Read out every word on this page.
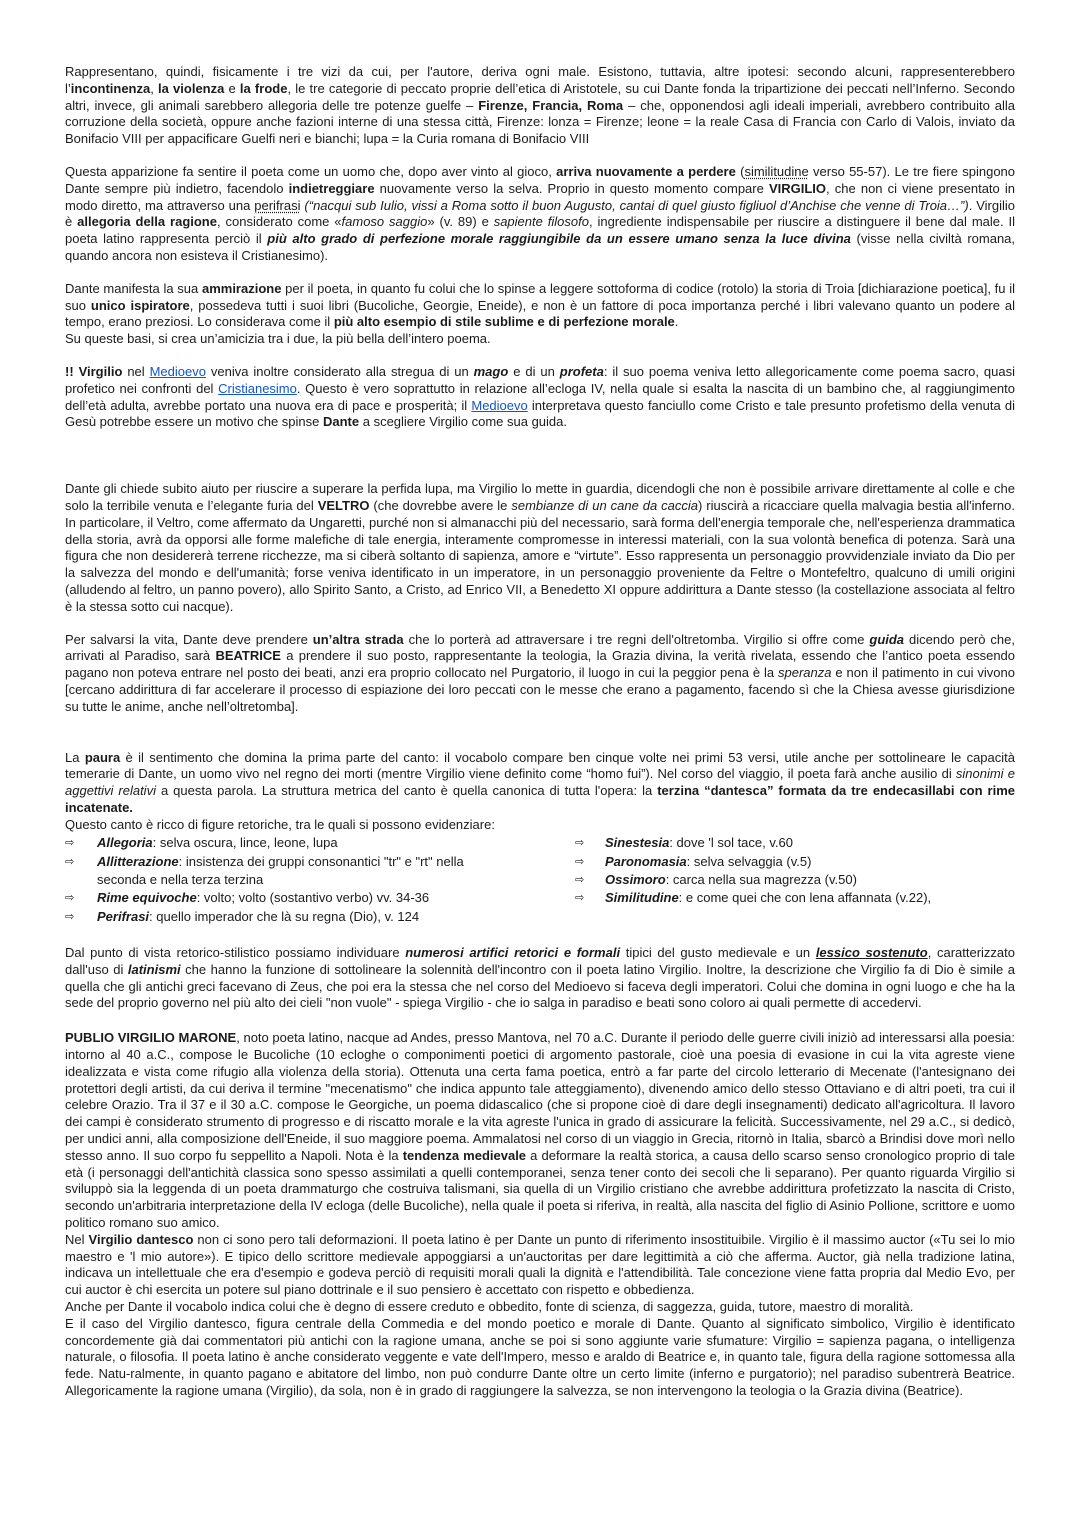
Rappresentano, quindi, fisicamente i tre vizi da cui, per l'autore, deriva ogni male. Esistono, tuttavia, altre ipotesi: secondo alcuni, rappresenterebbero l’incontinenza, la violenza e la frode, le tre categorie di peccato proprie dell’etica di Aristotele, su cui Dante fonda la tripartizione dei peccati nell’Inferno. Secondo altri, invece, gli animali sarebbero allegoria delle tre potenze guelfe – Firenze, Francia, Roma – che, opponendosi agli ideali imperiali, avrebbero contribuito alla corruzione della società, oppure anche fazioni interne di una stessa città, Firenze: lonza = Firenze; leone = la reale Casa di Francia con Carlo di Valois, inviato da Bonifacio VIII per appacificare Guelfi neri e bianchi; lupa = la Curia romana di Bonifacio VIII

Questa apparizione fa sentire il poeta come un uomo che, dopo aver vinto al gioco, arriva nuovamente a perdere (similitudine verso 55-57). Le tre fiere spingono Dante sempre più indietro, facendolo indietreggiare nuovamente verso la selva. Proprio in questo momento compare VIRGILIO, che non ci viene presentato in modo diretto, ma attraverso una perifrasi (“nacqui sub Iulio, vissi a Roma sotto il buon Augusto, cantai di quel giusto figliuol d’Anchise che venne di Troia…”). Virgilio è allegoria della ragione, considerato come «famoso saggio» (v. 89) e sapiente filosofo, ingrediente indispensabile per riuscire a distinguere il bene dal male. Il poeta latino rappresenta perciò il più alto grado di perfezione morale raggiungibile da un essere umano senza la luce divina (visse nella civiltà romana, quando ancora non esisteva il Cristianesimo).

Dante manifesta la sua ammirazione per il poeta, in quanto fu colui che lo spinse a leggere sottoforma di codice (rotolo) la storia di Troia [dichiarazione poetica], fu il suo unico ispiratore, possedeva tutti i suoi libri (Bucoliche, Georgie, Eneide), e non è un fattore di poca importanza perché i libri valevano quanto un podere al tempo, erano preziosi. Lo considerava come il più alto esempio di stile sublime e di perfezione morale.

Su queste basi, si crea un’amicizia tra i due, la più bella dell’intero poema.

!! Virgilio nel Medioevo veniva inoltre considerato alla stregua di un mago e di un profeta: il suo poema veniva letto allegoricamente come poema sacro, quasi profetico nei confronti del Cristianesimo. Questo è vero soprattutto in relazione all’ecloga IV, nella quale si esalta la nascita di un bambino che, al raggiungimento dell’età adulta, avrebbe portato una nuova era di pace e prosperità; il Medioevo interpretava questo fanciullo come Cristo e tale presunto profetismo della venuta di Gesù potrebbe essere un motivo che spinse Dante a scegliere Virgilio come sua guida.

Dante gli chiede subito aiuto per riuscire a superare la perfida lupa, ma Virgilio lo mette in guardia, dicendogli che non è possibile arrivare direttamente al colle e che solo la terribile venuta e l’elegante furia del VELTRO (che dovrebbe avere le sembianze di un cane da caccia) riuscirà a ricacciare quella malvagia bestia all'inferno. In particolare, il Veltro, come affermato da Ungaretti, purché non si almanacchi più del necessario, sarà forma dell'energia temporale che, nell'esperienza drammatica della storia, avrà da opporsi alle forme malefiche di tale energia, interamente compromesse in interessi materiali, con la sua volontà benefica di potenza. Sarà una figura che non desidererà terrene ricchezze, ma si ciberà soltanto di sapienza, amore e “virtute”. Esso rappresenta un personaggio provvidenziale inviato da Dio per la salvezza del mondo e dell'umanità; forse veniva identificato in un imperatore, in un personaggio proveniente da Feltre o Montefeltro, qualcuno di umili origini (alludendo al feltro, un panno povero), allo Spirito Santo, a Cristo, ad Enrico VII, a Benedetto XI oppure addirittura a Dante stesso (la costellazione associata al feltro è la stessa sotto cui nacque).

Per salvarsi la vita, Dante deve prendere un’altra strada che lo porterà ad attraversare i tre regni dell'oltretomba. Virgilio si offre come guida dicendo però che, arrivati al Paradiso, sarà BEATRICE a prendere il suo posto, rappresentante la teologia, la Grazia divina, la verità rivelata, essendo che l’antico poeta essendo pagano non poteva entrare nel posto dei beati, anzi era proprio collocato nel Purgatorio, il luogo in cui la peggior pena è la speranza e non il patimento in cui vivono [cercano addirittura di far accelerare il processo di espiazione dei loro peccati con le messe che erano a pagamento, facendo sì che la Chiesa avesse giurisdizione su tutte le anime, anche nell’oltretomba].

La paura è il sentimento che domina la prima parte del canto: il vocabolo compare ben cinque volte nei primi 53 versi, utile anche per sottolineare le capacità temerarie di Dante, un uomo vivo nel regno dei morti (mentre Virgilio viene definito come “homo fui”). Nel corso del viaggio, il poeta farà anche ausilio di sinonimi e aggettivi relativi a questa parola. La struttura metrica del canto è quella canonica di tutta l'opera: la terzina “dantesca” formata da tre endecasillabi con rime incatenate.

Questo canto è ricco di figure retoriche, tra le quali si possono evidenziare:

⇨	Allegoria: selva oscura, lince, leone, lupa
⇨	Allitterazione: insistenza dei gruppi consonantici "tr" e "rt" nella seconda e nella terza terzina
⇨	Rime equivoche: volto; volto (sostantivo verbo) vv. 34-36
⇨	Perifrasi: quello imperador che là su regna (Dio), v. 124
⇨	Sinestesia: dove 'l sol tace, v.60
⇨	Paronomasia: selva selvaggia (v.5)
⇨	Ossimoro: carca nella sua magrezza (v.50)
⇨	Similitudine: e come quei che con lena affannata (v.22),

Dal punto di vista retorico-stilistico possiamo individuare numerosi artifici retorici e formali tipici del gusto medievale e un lessico sostenuto, caratterizzato dall'uso di latinismi che hanno la funzione di sottolineare la solennità dell'incontro con il poeta latino Virgilio. Inoltre, la descrizione che Virgilio fa di Dio è simile a quella che gli antichi greci facevano di Zeus, che poi era la stessa che nel corso del Medioevo si faceva degli imperatori. Colui che domina in ogni luogo e che ha la sede del proprio governo nel più alto dei cieli "non vuole" - spiega Virgilio - che io salga in paradiso e beati sono coloro ai quali permette di accedervi.

PUBLIO VIRGILIO MARONE, noto poeta latino, nacque ad Andes, presso Mantova, nel 70 a.C. Durante il periodo delle guerre civili iniziò ad interessarsi alla poesia: intorno al 40 a.C., compose le Bucoliche (10 ecloghe o componimenti poetici di argomento pastorale, cioè una poesia di evasione in cui la vita agreste viene idealizzata e vista come rifugio alla violenza della storia). Ottenuta una certa fama poetica, entrò a far parte del circolo letterario di Mecenate (l'antesignano dei protettori degli artisti, da cui deriva il termine "mecenatismo" che indica appunto tale atteggiamento), divenendo amico dello stesso Ottaviano e di altri poeti, tra cui il celebre Orazio. Tra il 37 e il 30 a.C. compose le Georgiche, un poema didascalico (che si propone cioè di dare degli insegnamenti) dedicato all'agricoltura. Il lavoro dei campi è considerato strumento di progresso e di riscatto morale e la vita agreste l'unica in grado di assicurare la felicità. Successivamente, nel 29 a.C., si dedicò, per undici anni, alla composizione dell'Eneide, il suo maggiore poema. Ammalatosi nel corso di un viaggio in Grecia, ritornò in Italia, sbarcò a Brindisi dove morì nello stesso anno. Il suo corpo fu seppellito a Napoli. Nota è la tendenza medievale a deformare la realtà storica, a causa dello scarso senso cronologico proprio di tale età (i personaggi dell'antichità classica sono spesso assimilati a quelli contemporanei, senza tener conto dei secoli che li separano). Per quanto riguarda Virgilio si sviluppò sia la leggenda di un poeta drammaturgo che costruiva talismani, sia quella di un Virgilio cristiano che avrebbe addirittura profetizzato la nascita di Cristo, secondo un'arbitraria interpretazione della IV ecloga (delle Bucoliche), nella quale il poeta si riferiva, in realtà, alla nascita del figlio di Asinio Pollione, scrittore e uomo politico romano suo amico.

Nel Virgilio dantesco non ci sono pero tali deformazioni. Il poeta latino è per Dante un punto di riferimento insostituibile. Virgilio è il massimo auctor («Tu sei lo mio maestro e 'l mio autore»). E tipico dello scrittore medievale appoggiarsi a un'auctoritas per dare legittimità a ciò che afferma. Auctor, già nella tradizione latina, indicava un intellettuale che era d'esempio e godeva perciò di requisiti morali quali la dignità e l'attendibilità. Tale concezione viene fatta propria dal Medio Evo, per cui auctor è chi esercita un potere sul piano dottrinale e il suo pensiero è accettato con rispetto e obbedienza.

Anche per Dante il vocabolo indica colui che è degno di essere creduto e obbedito, fonte di scienza, di saggezza, guida, tutore, maestro di moralità.

E il caso del Virgilio dantesco, figura centrale della Commedia e del mondo poetico e morale di Dante. Quanto al significato simbolico, Virgilio è identificato concordemente già dai commentatori più antichi con la ragione umana, anche se poi si sono aggiunte varie sfumature: Virgilio = sapienza pagana, o intelligenza naturale, o filosofia. Il poeta latino è anche considerato veggente e vate dell'Impero, messo e araldo di Beatrice e, in quanto tale, figura della ragione sottomessa alla fede. Natu-ralmente, in quanto pagano e abitatore del limbo, non può condurre Dante oltre un certo limite (inferno e purgatorio); nel paradiso subentrerà Beatrice. Allegoricamente la ragione umana (Virgilio), da sola, non è in grado di raggiungere la salvezza, se non intervengono la teologia o la Grazia divina (Beatrice).
